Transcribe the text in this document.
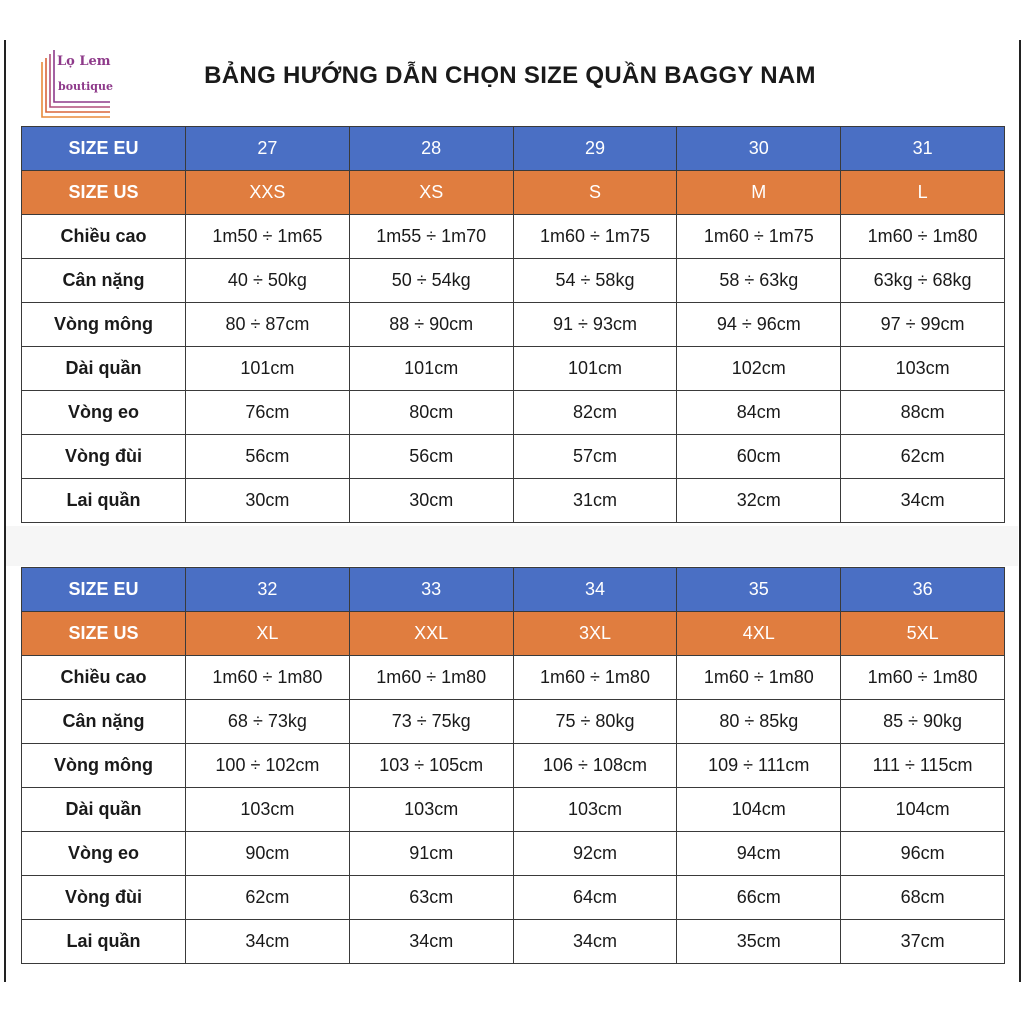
Lọ Lem
boutique	BẢNG HƯỚNG DẪN CHỌN SIZE QUẦN BAGGY NAM
SIZE EU	27	28	29	30	31
SIZE US	XXS	XS	S	M	L
Chiều cao	1m50 ÷ 1m65	1m55 ÷ 1m70	1m60 ÷ 1m75	1m60 ÷ 1m75	1m60 ÷ 1m80
Cân nặng	40 ÷ 50kg	50 ÷ 54kg	54 ÷ 58kg	58 ÷ 63kg	63kg ÷ 68kg
Vòng mông	80 ÷ 87cm	88 ÷ 90cm	91 ÷ 93cm	94 ÷ 96cm	97 ÷ 99cm
Dài quần	101cm	101cm	101cm	102cm	103cm
Vòng eo	76cm	80cm	82cm	84cm	88cm
Vòng đùi	56cm	56cm	57cm	60cm	62cm
Lai quần	30cm	30cm	31cm	32cm	34cm
SIZE EU	32	33	34	35	36
SIZE US	XL	XXL	3XL	4XL	5XL
Chiều cao	1m60 ÷ 1m80	1m60 ÷ 1m80	1m60 ÷ 1m80	1m60 ÷ 1m80	1m60 ÷ 1m80
Cân nặng	68 ÷ 73kg	73 ÷ 75kg	75 ÷ 80kg	80 ÷ 85kg	85 ÷ 90kg
Vòng mông	100 ÷ 102cm	103 ÷ 105cm	106 ÷ 108cm	109 ÷ 111cm	111 ÷ 115cm
Dài quần	103cm	103cm	103cm	104cm	104cm
Vòng eo	90cm	91cm	92cm	94cm	96cm
Vòng đùi	62cm	63cm	64cm	66cm	68cm
Lai quần	34cm	34cm	34cm	35cm	37cm
